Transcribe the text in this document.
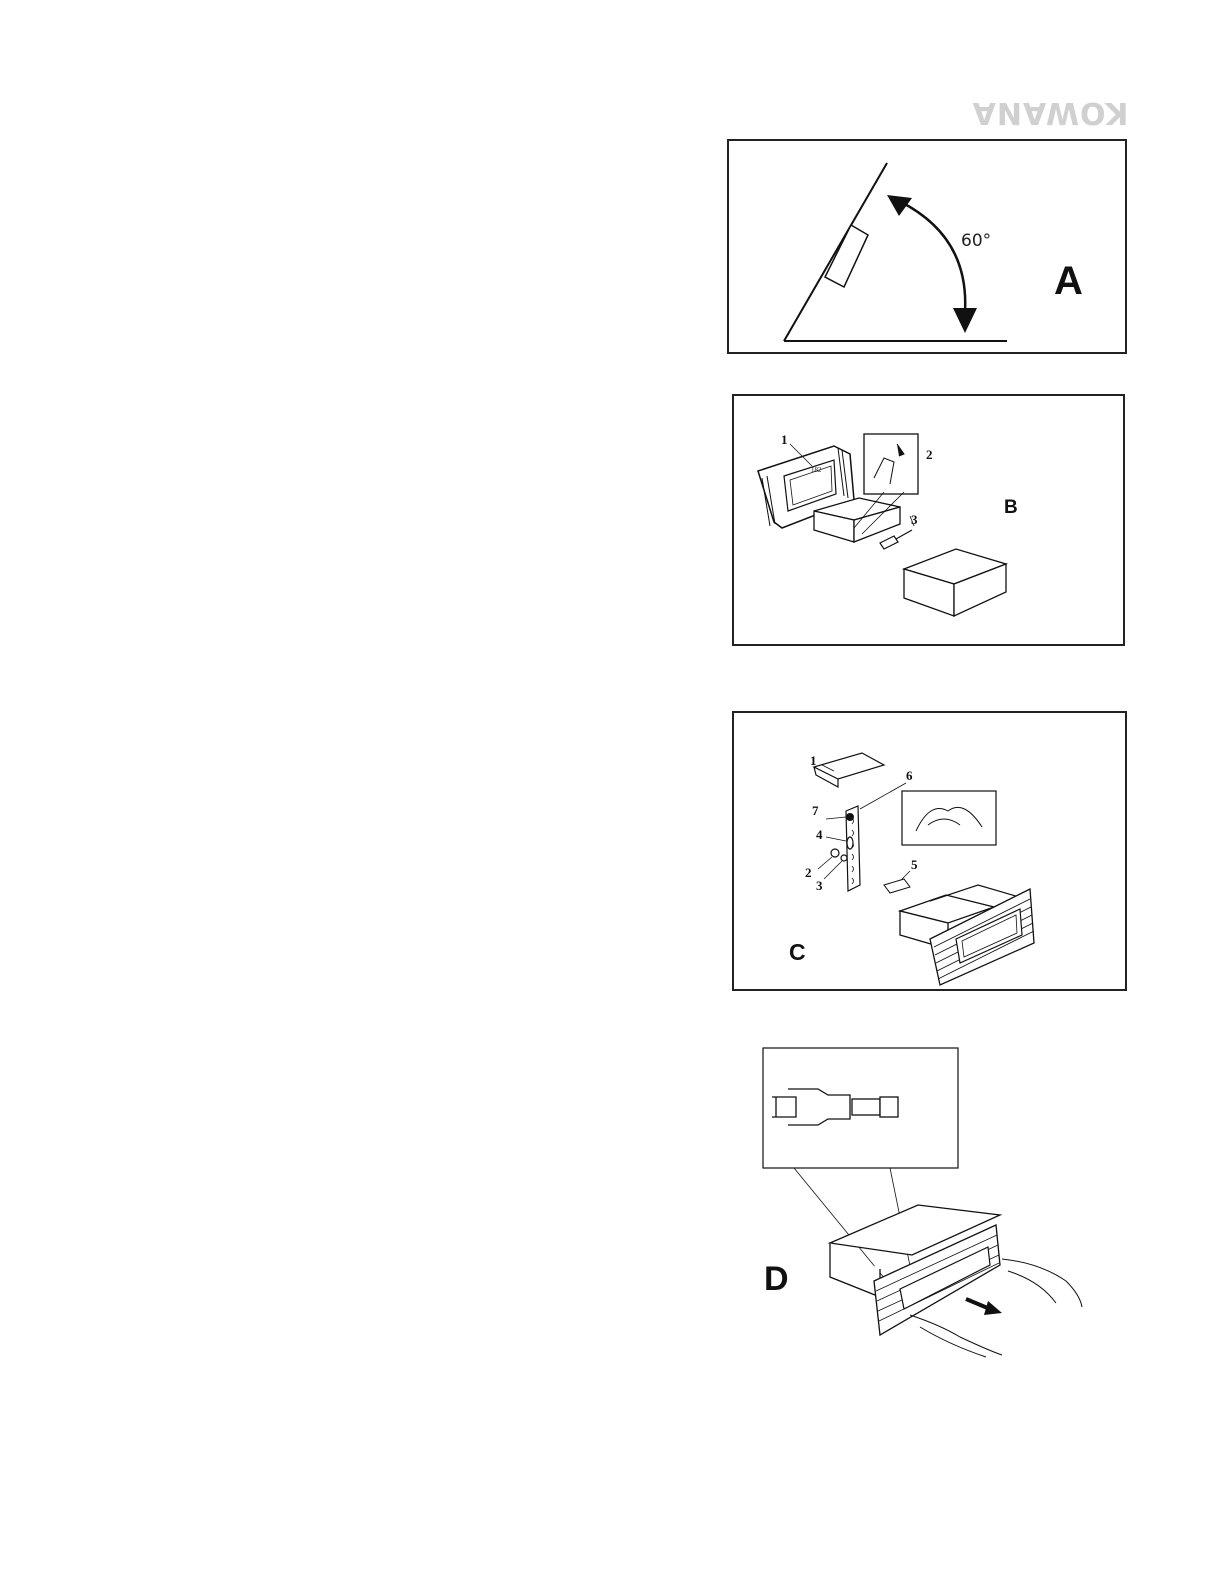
KOWANA
60°
A
1
182
2
3
B
1
6
7
4
2
3
5
C
D
